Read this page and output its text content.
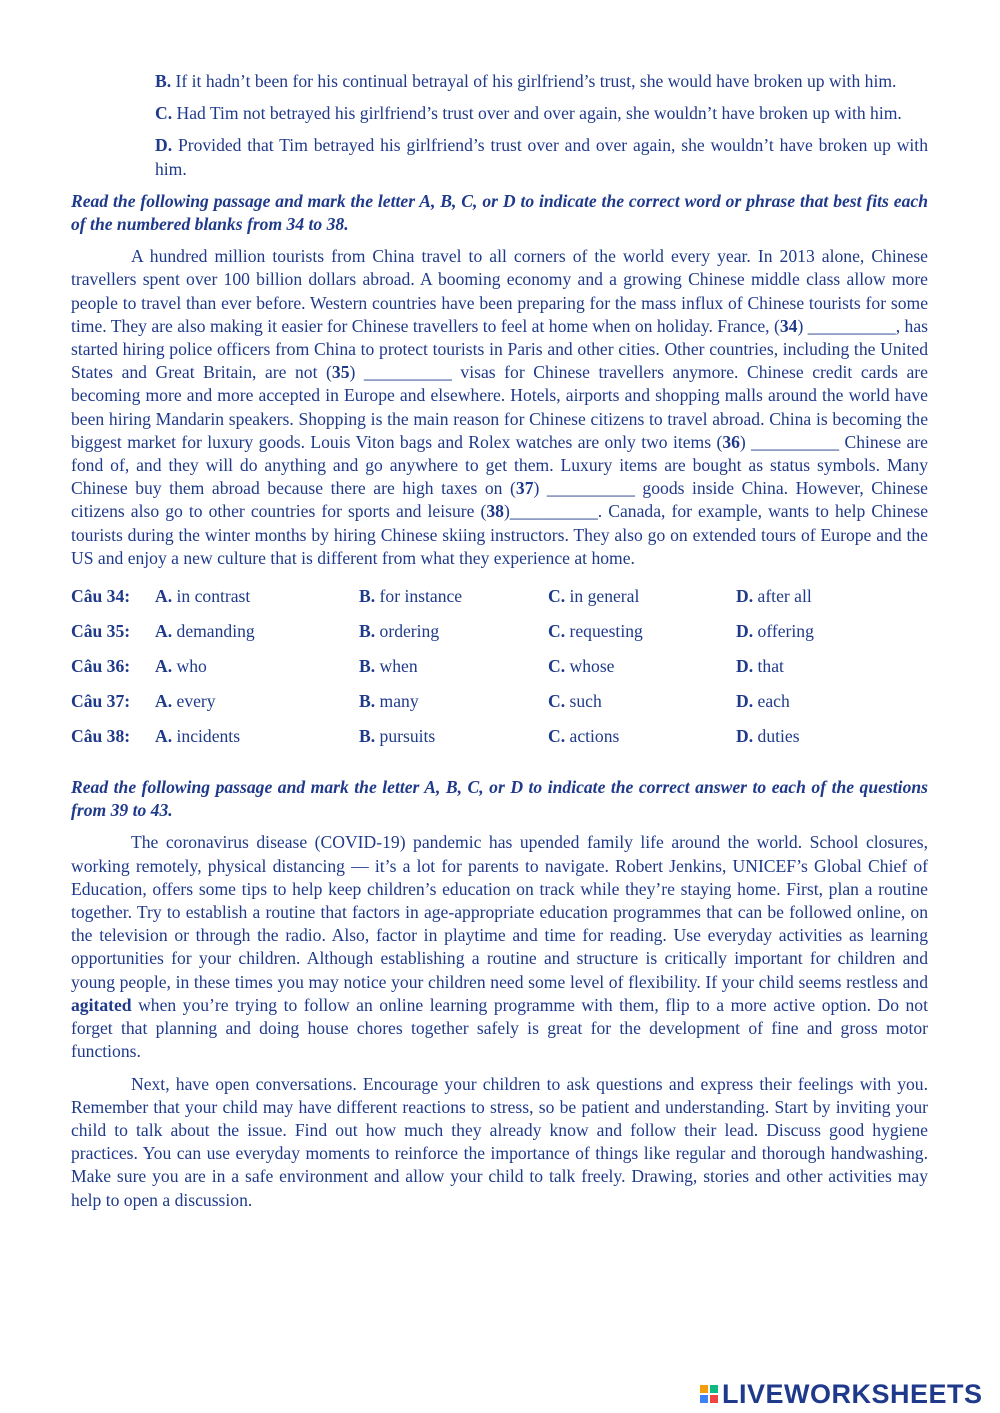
B. If it hadn’t been for his continual betrayal of his girlfriend’s trust, she would have broken up with him.

C. Had Tim not betrayed his girlfriend’s trust over and over again, she wouldn’t have broken up with him.

D. Provided that Tim betrayed his girlfriend’s trust over and over again, she wouldn’t have broken up with him.

Read the following passage and mark the letter A, B, C, or D to indicate the correct word or phrase that best fits each of the numbered blanks from 34 to 38.

A hundred million tourists from China travel to all corners of the world every year. In 2013 alone, Chinese travellers spent over 100 billion dollars abroad. A booming economy and a growing Chinese middle class allow more people to travel than ever before. Western countries have been preparing for the mass influx of Chinese tourists for some time. They are also making it easier for Chinese travellers to feel at home when on holiday. France, (34) __________, has started hiring police officers from China to protect tourists in Paris and other cities. Other countries, including the United States and Great Britain, are not (35) __________ visas for Chinese travellers anymore. Chinese credit cards are becoming more and more accepted in Europe and elsewhere. Hotels, airports and shopping malls around the world have been hiring Mandarin speakers. Shopping is the main reason for Chinese citizens to travel abroad. China is becoming the biggest market for luxury goods. Louis Viton bags and Rolex watches are only two items (36) __________ Chinese are fond of, and they will do anything and go anywhere to get them. Luxury items are bought as status symbols. Many Chinese buy them abroad because there are high taxes on (37) __________ goods inside China. However, Chinese citizens also go to other countries for sports and leisure (38)__________. Canada, for example, wants to help Chinese tourists during the winter months by hiring Chinese skiing instructors. They also go on extended tours of Europe and the US and enjoy a new culture that is different from what they experience at home.

Câu 34:	A. in contrast	B. for instance	C. in general	D. after all
Câu 35:	A. demanding	B. ordering	C. requesting	D. offering
Câu 36:	A. who	B. when	C. whose	D. that
Câu 37:	A. every	B. many	C. such	D. each
Câu 38:	A. incidents	B. pursuits	C. actions	D. duties

Read the following passage and mark the letter A, B, C, or D to indicate the correct answer to each of the questions from 39 to 43.

The coronavirus disease (COVID-19) pandemic has upended family life around the world. School closures, working remotely, physical distancing — it’s a lot for parents to navigate. Robert Jenkins, UNICEF’s Global Chief of Education, offers some tips to help keep children’s education on track while they’re staying home. First, plan a routine together. Try to establish a routine that factors in age-appropriate education programmes that can be followed online, on the television or through the radio. Also, factor in playtime and time for reading. Use everyday activities as learning opportunities for your children. Although establishing a routine and structure is critically important for children and young people, in these times you may notice your children need some level of flexibility. If your child seems restless and agitated when you’re trying to follow an online learning programme with them, flip to a more active option. Do not forget that planning and doing house chores together safely is great for the development of fine and gross motor functions.

Next, have open conversations. Encourage your children to ask questions and express their feelings with you. Remember that your child may have different reactions to stress, so be patient and understanding. Start by inviting your child to talk about the issue. Find out how much they already know and follow their lead. Discuss good hygiene practices. You can use everyday moments to reinforce the importance of things like regular and thorough handwashing. Make sure you are in a safe environment and allow your child to talk freely. Drawing, stories and other activities may help to open a discussion.

LIVEWORKSHEETS
